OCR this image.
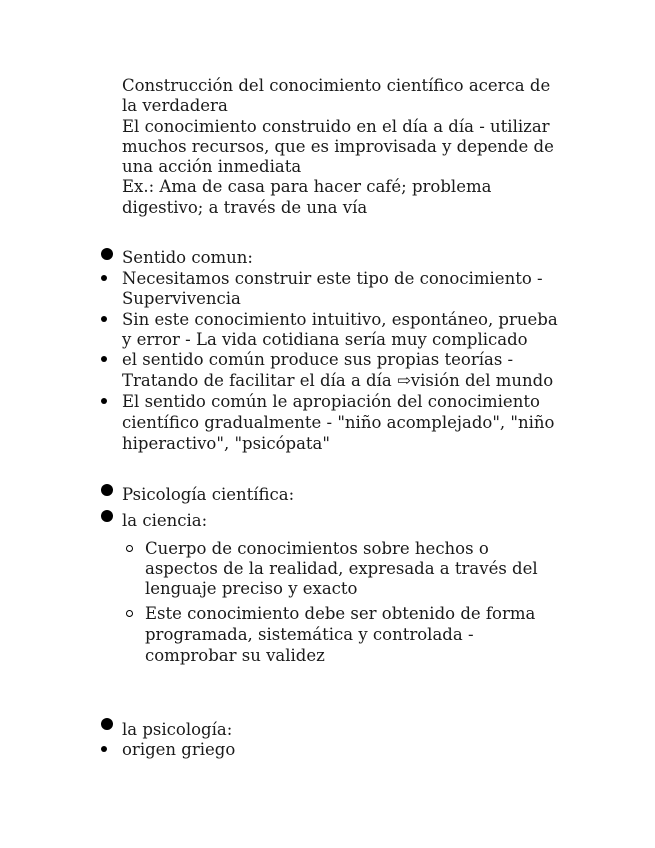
Construcción del conocimiento científico acerca de
la verdadera
El conocimiento construido en el día a día - utilizar
muchos recursos, que es improvisada y depende de
una acción inmediata
Ex.: Ama de casa para hacer café; problema
digestivo; a través de una vía
Sentido comun:
Necesitamos construir este tipo de conocimiento -
Supervivencia
Sin este conocimiento intuitivo, espontáneo, prueba
y error - La vida cotidiana sería muy complicado
el sentido común produce sus propias teorías -
Tratando de facilitar el día a día ⇨visión del mundo
El sentido común le apropiación del conocimiento
científico gradualmente - "niño acomplejado", "niño
hiperactivo", "psicópata"
Psicología científica:
la ciencia:
Cuerpo de conocimientos sobre hechos o
aspectos de la realidad, expresada a través del
lenguaje preciso y exacto
Este conocimiento debe ser obtenido de forma
programada, sistemática y controlada -
comprobar su validez
la psicología:
origen griego
